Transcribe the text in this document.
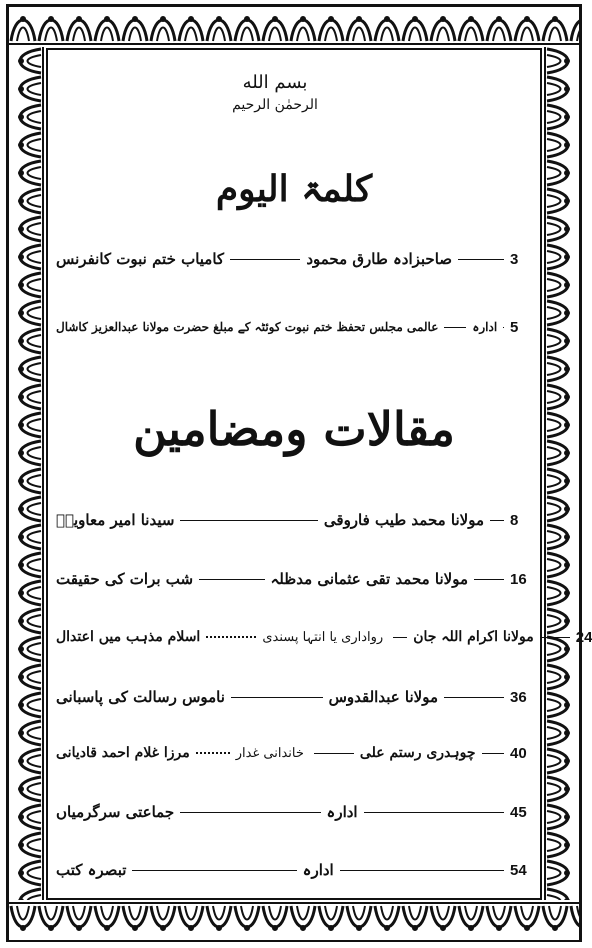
بسم الله
الرحمٰن الرحیم
کلمۃ الیوم
کامیاب ختم نبوت کانفرنس	صاحبزادہ طارق محمود	3
عالمی مجلس تحفظ ختم نبوت کوئٹہ کے مبلغ حضرت مولانا عبدالعزیز کاشال	ادارہ 5
مقالات ومضامین
سیدنا امیر معاویہؓ	مولانا محمد طیب فاروقی 8
شب برات کی حقیقت	مولانا محمد تقی عثمانی مدظلہ	16
اسلام مذہب میں اعتدال	رواداری یا انتہا پسندی مولانا اکرام اللہ جان	24
ناموس رسالت کی پاسبانی	مولانا عبدالقدوس	36
مرزا غلام احمد قادیانی	خاندانی غدار	چوہدری رستم علی 40
جماعتی سرگرمیاں	ادارہ	45
تبصرہ کتب	ادارہ	54
